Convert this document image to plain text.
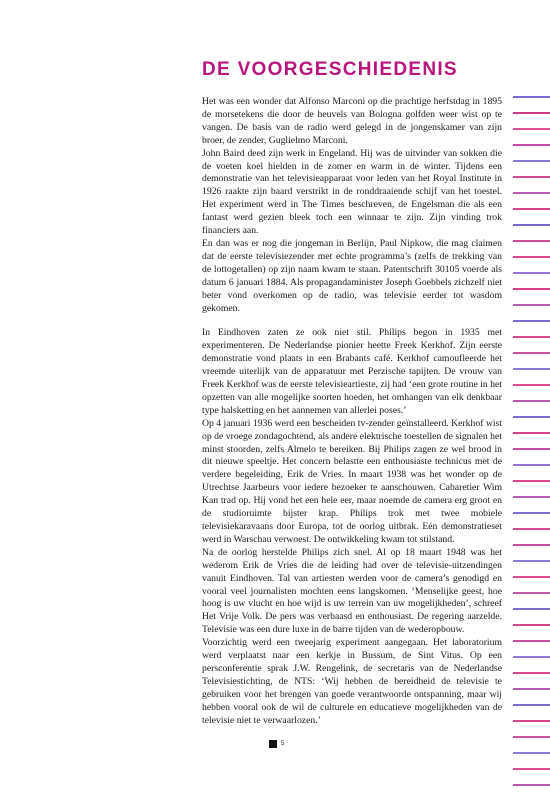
DE VOORGESCHIEDENIS

Het was een wonder dat Alfonso Marconi op die prachtige herfstdag in 1895 de morsetekens die door de heuvels van Bologna golfden weer wist op te vangen. De basis van de radio werd gelegd in de jongenskamer van zijn broer, de zender, Guglielmo Marconi.

John Baird deed zijn werk in Engeland. Hij was de uitvinder van sokken die de voeten koel hielden in de zomer en warm in de winter. Tijdens een demonstratie van het televisieapparaat voor leden van het Royal Institute in 1926 raakte zijn baard verstrikt in de ronddraaiende schijf van het toestel. Het experiment werd in The Times beschreven, de Engelsman die als een fantast werd gezien bleek toch een winnaar te zijn. Zijn vinding trok financiers aan.

En dan was er nog die jongeman in Berlijn, Paul Nipkow, die mag claimen dat de eerste televisiezender met echte programma’s (zelfs de trekking van de lottogetallen) op zijn naam kwam te staan. Patentschrift 30105 voerde als datum 6 januari 1884. Als propagandaminister Joseph Goebbels zichzelf niet beter vond overkomen op de radio, was televisie eerder tot wasdom gekomen.

In Eindhoven zaten ze ook niet stil. Philips begon in 1935 met experimenteren. De Nederlandse pionier heette Freek Kerkhof. Zijn eerste demonstratie vond plaats in een Brabants café. Kerkhof camoufleerde het vreemde uiterlijk van de apparatuur met Perzische tapijten. De vrouw van Freek Kerkhof was de eerste televisieartieste, zij had ‘een grote routine in het opzetten van alle mogelijke soorten hoeden, het omhangen van elk denkbaar type halsketting en het aannemen van allerlei poses.’

Op 4 januari 1936 werd een bescheiden tv-zender geïnstalleerd. Kerkhof wist op de vroege zondagochtend, als andere elektrische toestellen de signalen het minst stoorden, zelfs Almelo te bereiken. Bij Philips zagen ze wel brood in dit nieuwe speeltje. Het concern belastte een enthousiaste technicus met de verdere begeleiding, Erik de Vries. In maart 1938 was het wonder op de Utrechtse Jaarbeurs voor iedere bezoeker te aanschouwen. Cabaretier Wim Kan trad op. Hij vond het een hele eer, maar noemde de camera erg groot en de studioruimte bijster krap. Philips trok met twee mobiele televisiekaravaans door Europa, tot de oorlog uitbrak. Eén demonstratieset werd in Warschau verwoest. De ontwikkeling kwam tot stilstand.

Na de oorlog herstelde Philips zich snel. Al op 18 maart 1948 was het wederom Erik de Vries die de leiding had over de televisie-uitzendingen vanuit Eindhoven. Tal van artiesten werden voor de camera’s genodigd en vooral veel journalisten mochten eens langskomen. ‘Menselijke geest, hoe hoog is uw vlucht en hoe wijd is uw terrein van uw mogelijkheden’, schreef Het Vrije Volk. De pers was verbaasd en enthousiast. De regering aarzelde. Televisie was een dure luxe in de barre tijden van de wederopbouw.

Voorzichtig werd een tweejarig experiment aangegaan. Het laboratorium werd verplaatst naar een kerkje in Bussum, de Sint Vitus. Op een persconferentie sprak J.W. Rengelink, de secretaris van de Nederlandse Televisiestichting, de NTS: ‘Wij hebben de bereidheid de televisie te gebruiken voor het brengen van goede verantwoorde ontspanning, maar wij hebben vooral ook de wil de culturele en educatieve mogelijkheden van de televisie niet te verwaarlozen.’

5
